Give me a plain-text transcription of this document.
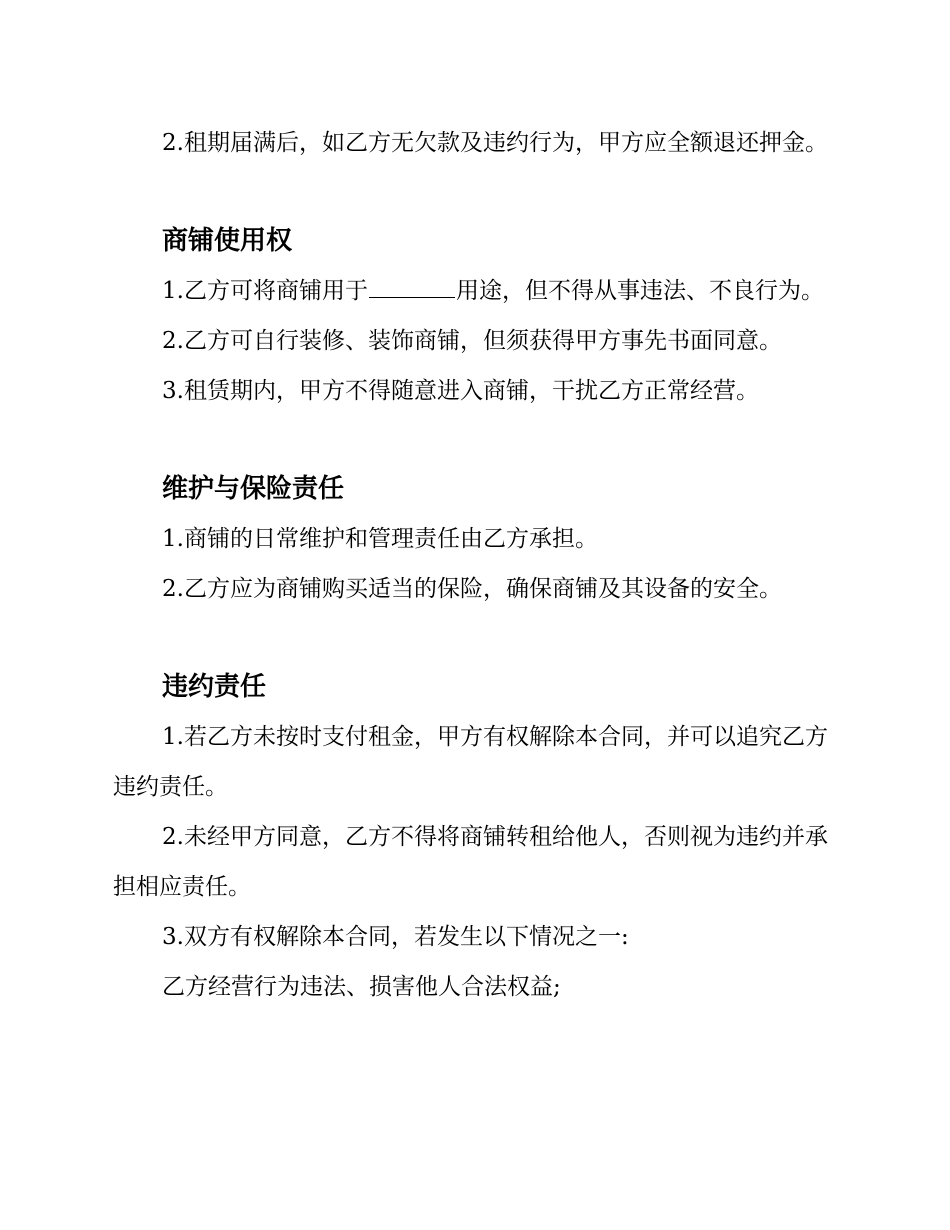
2.租期届满后，如乙方无欠款及违约行为，甲方应全额退还押金。

商铺使用权

1.乙方可将商铺用于	用途，但不得从事违法、不良行为。

2.乙方可自行装修、装饰商铺，但须获得甲方事先书面同意。

3.租赁期内，甲方不得随意进入商铺，干扰乙方正常经营。

维护与保险责任

1.商铺的日常维护和管理责任由乙方承担。

2.乙方应为商铺购买适当的保险，确保商铺及其设备的安全。

违约责任

1.若乙方未按时支付租金，甲方有权解除本合同，并可以追究乙方违约责任。

2.未经甲方同意，乙方不得将商铺转租给他人，否则视为违约并承担相应责任。

3.双方有权解除本合同，若发生以下情况之一:

乙方经营行为违法、损害他人合法权益;
